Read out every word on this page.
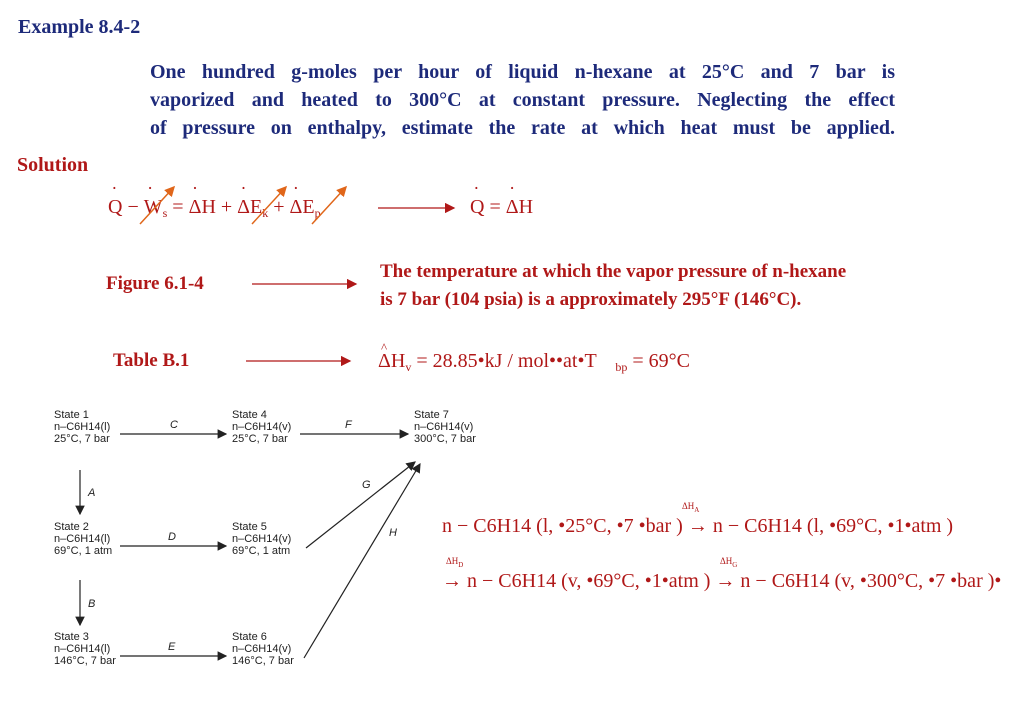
Example 8.4-2
One hundred g-moles per hour of liquid n-hexane at 25°C and 7 bar is
vaporized and heated to 300°C at constant pressure. Neglecting the effect
of pressure on enthalpy, estimate the rate at which heat must be applied.
Solution
˙ Q − ˙ $W_s$ = ˙ ΔH + ˙ $\Delta E_k$ + ˙ $\Delta E_p$	˙ Q = ˙ ΔH
Figure 6.1-4
The temperature at which the vapor pressure of n-hexane
is 7 bar (104 psia) is a approximately 295°F (146°C).
Table B.1	^ $\Delta H_v$ = 28.85•kJ / mol••at•T $_{bp}$ = 69°C
State 1
n–C6H14(l)
25°C, 7 bar
State 4
n–C6H14(v)
25°C, 7 bar
State 7
n–C6H14(v)
300°C, 7 bar
State 2
n–C6H14(l)
69°C, 1 atm
State 5
n–C6H14(v)
69°C, 1 atm
State 3
n–C6H14(l)
146°C, 7 bar
State 6
n–C6H14(v)
146°C, 7 bar
C	F
A
D
B
E
G
H
$\Delta H_A$
n − C6H14 (l, •25°C, •7 •bar ) → n − C6H14 (l, •69°C, •1•atm )
$\Delta H_D$	$\Delta H_G$
→ n − C6H14 (v, •69°C, •1•atm ) → n − C6H14 (v, •300°C, •7 •bar )•
